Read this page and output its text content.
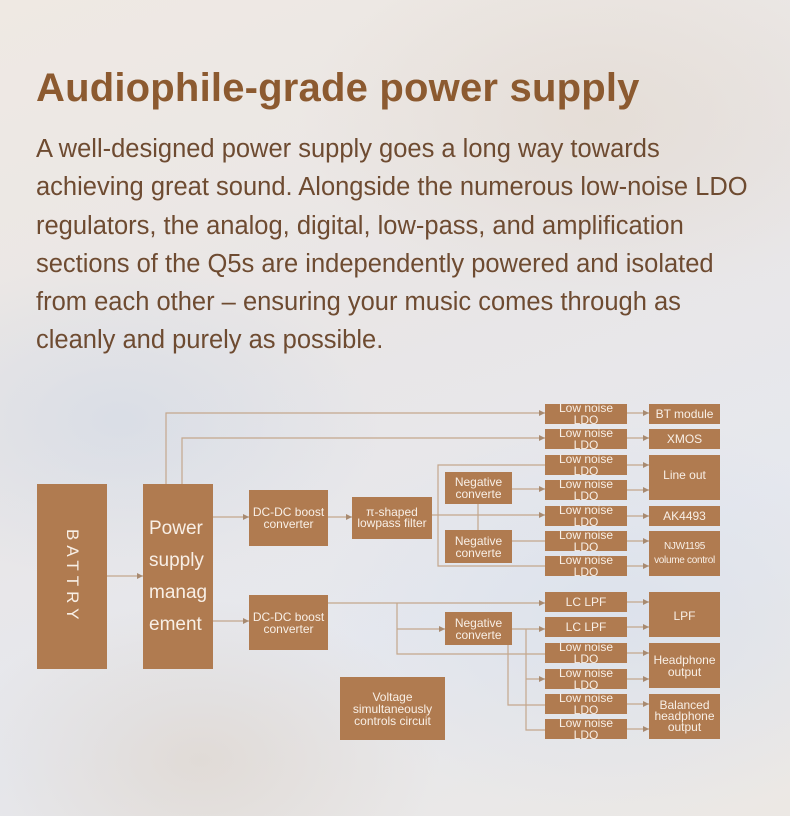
Audiophile-grade power supply

A well-designed power supply goes a long way towards achieving great sound. Alongside the numerous low-noise LDO regulators, the analog, digital, low-pass, and amplification sections of the Q5s are independently powered and isolated from each other – ensuring your music comes through as cleanly and purely as possible.

BATTRY
Power supply manag ement
DC-DC boost converter
DC-DC boost converter
π-shaped lowpass filter
Negative converte
Negative converte
Negative converte
Voltage simultaneously controls circuit
Low noise LDO
Low noise LDO
Low noise LDO
Low noise LDO
Low noise LDO
Low noise LDO
Low noise LDO
LC LPF
LC LPF
Low noise LDO
Low noise LDO
Low noise LDO
Low noise LDO
BT module
XMOS
Line out
AK4493
NJW1195 volume control
LPF
Headphone output
Balanced headphone output
